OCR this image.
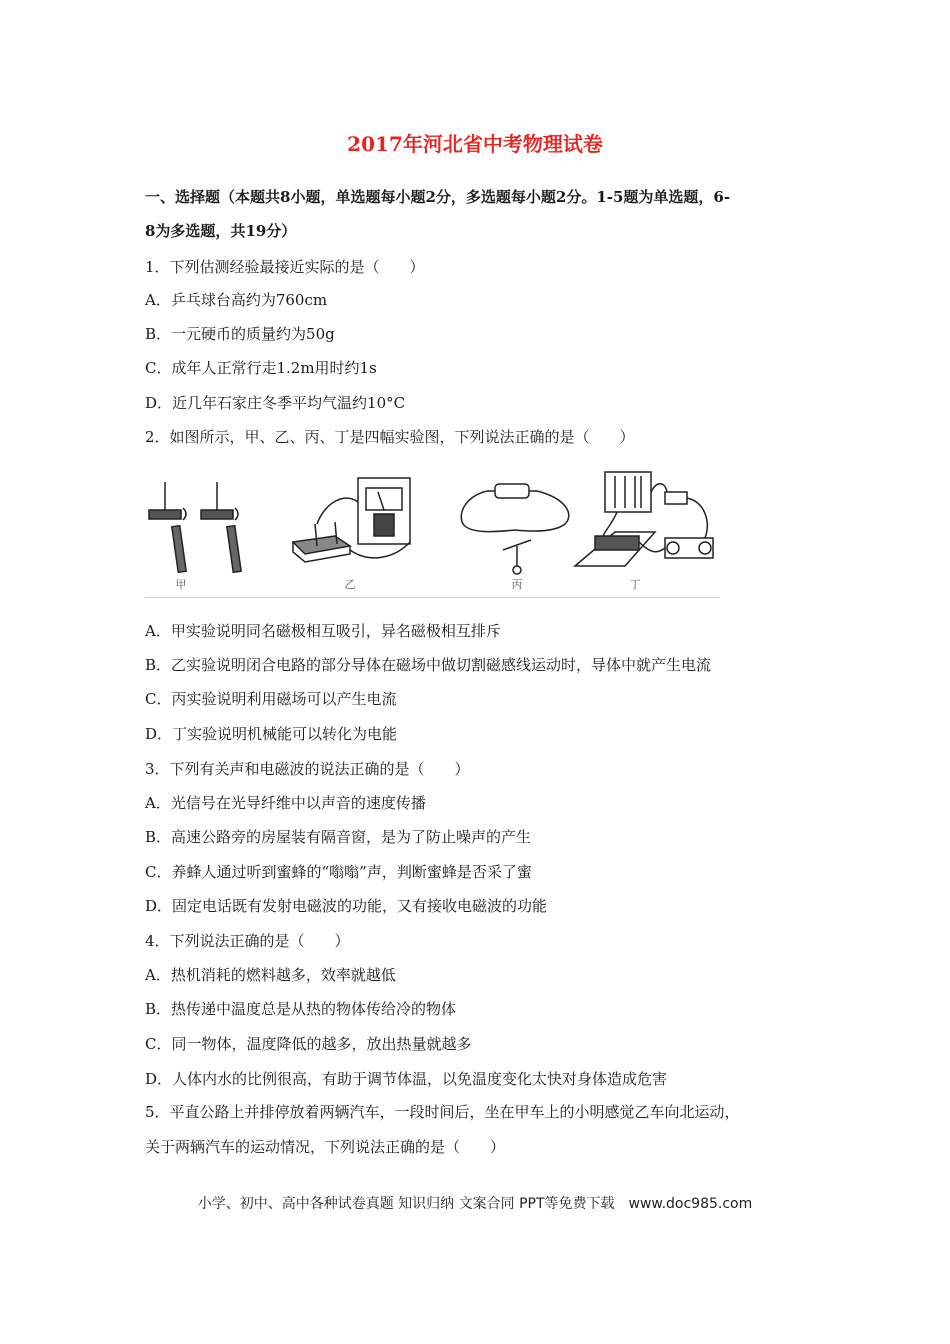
2017年河北省中考物理试卷
一、选择题（本题共8小题，单选题每小题2分，多选题每小题2分。1-5题为单选题，6-
8为多选题，共19分）
1．下列估测经验最接近实际的是（　　）
A．乒乓球台高约为760cm
B．一元硬币的质量约为50g
C．成年人正常行走1.2m用时约1s
D．近几年石家庄冬季平均气温约10°C
2．如图所示，甲、乙、丙、丁是四幅实验图，下列说法正确的是（　　）
甲	乙	丙	丁
A．甲实验说明同名磁极相互吸引，异名磁极相互排斥
B．乙实验说明闭合电路的部分导体在磁场中做切割磁感线运动时，导体中就产生电流
C．丙实验说明利用磁场可以产生电流
D．丁实验说明机械能可以转化为电能
3．下列有关声和电磁波的说法正确的是（　　）
A．光信号在光导纤维中以声音的速度传播
B．高速公路旁的房屋装有隔音窗，是为了防止噪声的产生
C．养蜂人通过听到蜜蜂的“嗡嗡”声，判断蜜蜂是否采了蜜
D．固定电话既有发射电磁波的功能，又有接收电磁波的功能
4．下列说法正确的是（　　）
A．热机消耗的燃料越多，效率就越低
B．热传递中温度总是从热的物体传给冷的物体
C．同一物体，温度降低的越多，放出热量就越多
D．人体内水的比例很高，有助于调节体温，以免温度变化太快对身体造成危害
5．平直公路上并排停放着两辆汽车，一段时间后，坐在甲车上的小明感觉乙车向北运动，
关于两辆汽车的运动情况，下列说法正确的是（　　）
小学、初中、高中各种试卷真题 知识归纳 文案合同 PPT等免费下载　www.doc985.com
